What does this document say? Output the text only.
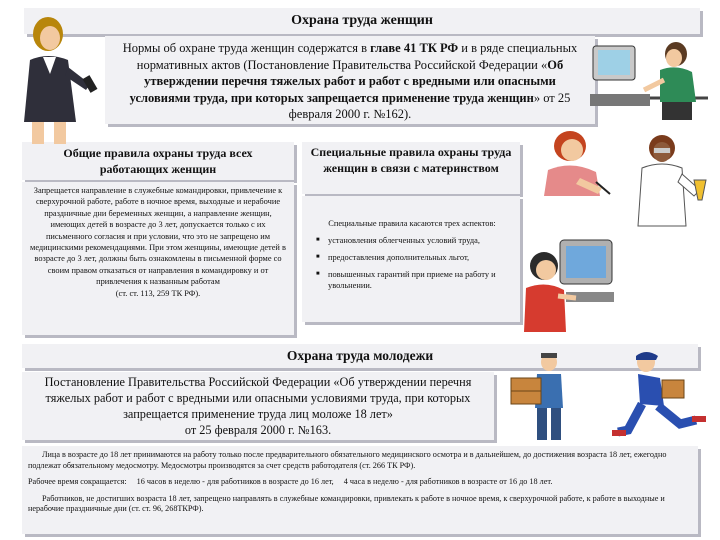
Охрана труда женщин
Нормы об охране труда женщин содержатся в главе 41 ТК РФ и в ряде специальных нормативных актов (Постановление Правительства Российской Федерации «Об утверждении перечня тяжелых работ и работ с вредными или опасными условиями труда, при которых запрещается применение труда женщин» от 25 февраля 2000 г. №162).
Общие правила охраны труда всех работающих женщин
Запрещается направление в служебные командировки, привлечение к сверхурочной работе, работе в ночное время, выходные и нерабочие праздничные дни беременных женщин, а направление женщин, имеющих детей в возрасте до 3 лет, допускается только с их письменного согласия и при условии, что это не запрещено им медицинскими рекомендациями. При этом женщины, имеющие детей в возрасте до 3 лет, должны быть ознакомлены в письменной форме со своим правом отказаться от направления в командировку и от привлечения к названным работам
(ст. ст. 113, 259 ТК РФ).
Специальные правила охраны труда женщин в связи с материнством
Специальные правила касаются трех аспектов:
■ установления облегченных условий труда,
■ предоставления дополнительных льгот,
■ повышенных гарантий при приеме на работу и увольнении.
Охрана труда молодежи
Постановление Правительства Российской Федерации «Об утверждении перечня тяжелых работ и работ с вредными или опасными условиями труда, при которых запрещается применение труда лиц моложе 18 лет»
от 25 февраля 2000 г. №163.
Лица в возрасте до 18 лет принимаются на работу только после предварительного обязательного медицинского осмотра и в дальнейшем, до достижения возраста 18 лет, ежегодно подлежат обязательному медосмотру. Медосмотры производятся за счет средств работодателя (ст. 266 ТК РФ).
Рабочее время сокращается: 16 часов в неделю - для работников в возрасте до 16 лет, 4 часа в неделю - для работников в возрасте от 16 до 18 лет.
Работников, не достигших возраста 18 лет, запрещено направлять в служебные командировки, привлекать к работе в ночное время, к сверхурочной работе, к работе в выходные и нерабочие праздничные дни (ст. ст. 96, 268ТКРФ).
